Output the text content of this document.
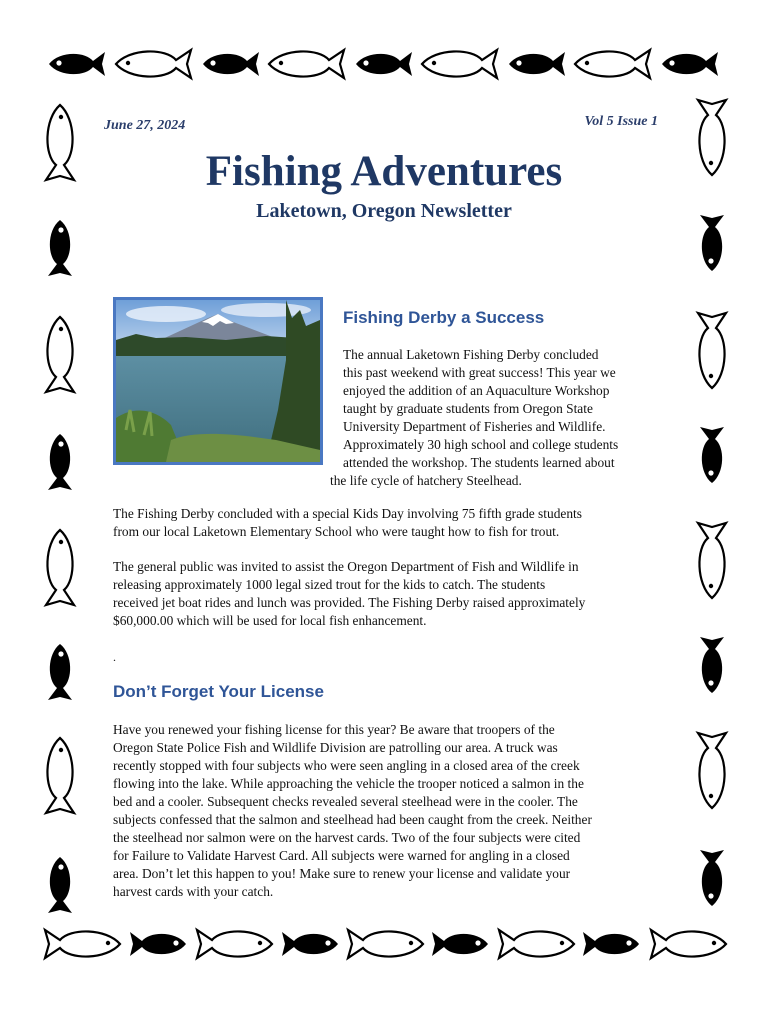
June 27, 2024	Vol 5 Issue 1
Fishing Adventures
Laketown, Oregon Newsletter
Fishing Derby a Success
The annual Laketown Fishing Derby concluded
this past weekend with great success! This year we
enjoyed the addition of an Aquaculture Workshop
taught by graduate students from Oregon State
University Department of Fisheries and Wildlife.
Approximately 30 high school and college students
attended the workshop. The students learned about
the life cycle of hatchery Steelhead.
The Fishing Derby concluded with a special Kids Day involving 75 fifth grade students
from our local Laketown Elementary School who were taught how to fish for trout.
The general public was invited to assist the Oregon Department of Fish and Wildlife in
releasing approximately 1000 legal sized trout for the kids to catch. The students
received jet boat rides and lunch was provided. The Fishing Derby raised approximately
$60,000.00 which will be used for local fish enhancement.
.
Don’t Forget Your License
Have you renewed your fishing license for this year? Be aware that troopers of the
Oregon State Police Fish and Wildlife Division are patrolling our area. A truck was
recently stopped with four subjects who were seen angling in a closed area of the creek
flowing into the lake. While approaching the vehicle the trooper noticed a salmon in the
bed and a cooler. Subsequent checks revealed several steelhead were in the cooler. The
subjects confessed that the salmon and steelhead had been caught from the creek. Neither
the steelhead nor salmon were on the harvest cards. Two of the four subjects were cited
for Failure to Validate Harvest Card. All subjects were warned for angling in a closed
area. Don’t let this happen to you! Make sure to renew your license and validate your
harvest cards with your catch.
